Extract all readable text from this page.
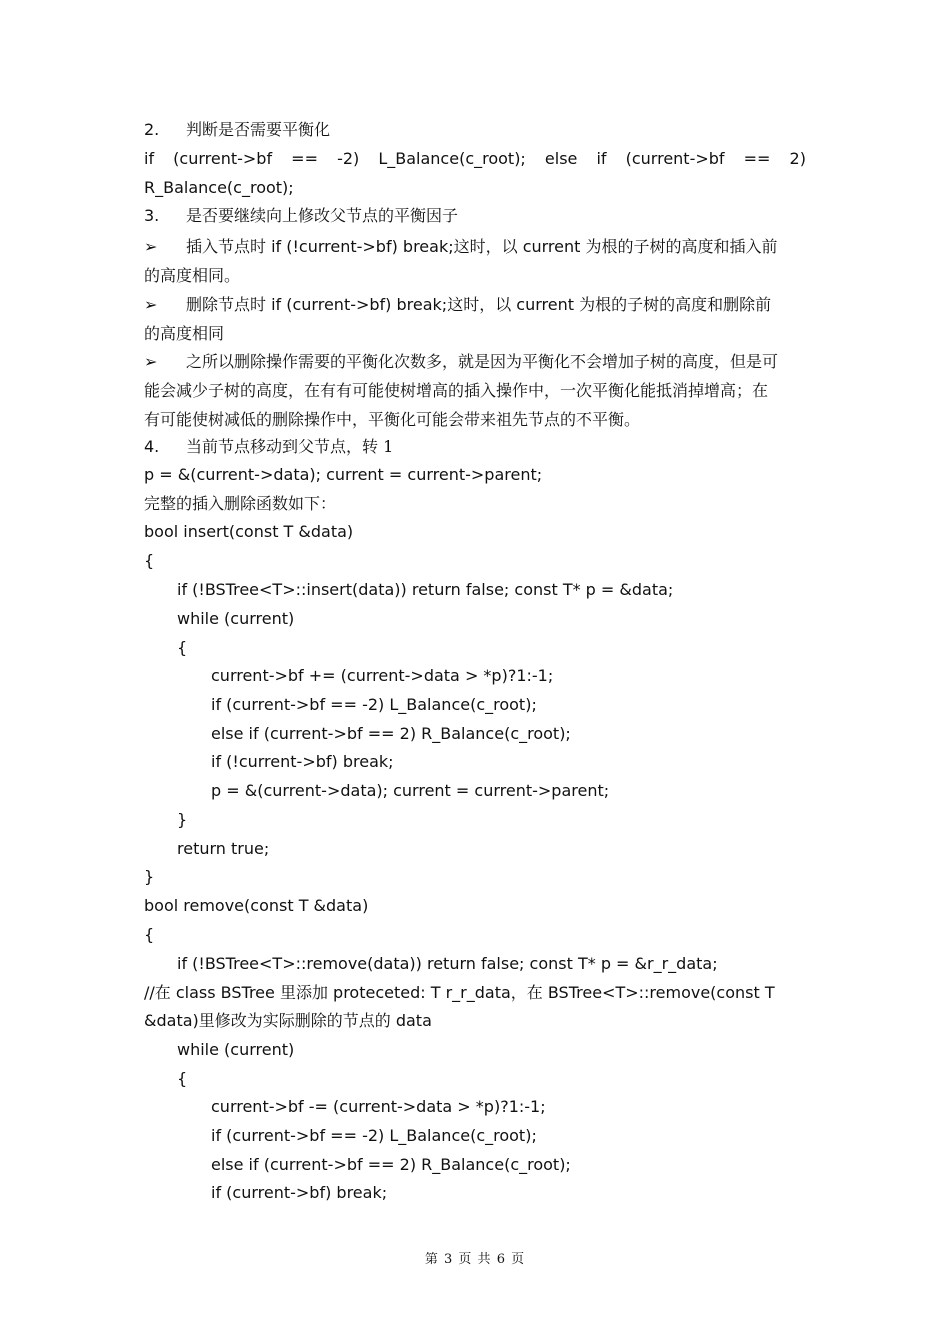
2. 判断是否需要平衡化
if (current->bf == -2) L_Balance(c_root); else if (current->bf == 2)
R_Balance(c_root);
3. 是否要继续向上修改父节点的平衡因子
➢ 插入节点时 if (!current->bf) break;这时，以 current 为根的子树的高度和插入前
的高度相同。
➢ 删除节点时 if (current->bf) break;这时，以 current 为根的子树的高度和删除前
的高度相同
➢ 之所以删除操作需要的平衡化次数多，就是因为平衡化不会增加子树的高度，但是可
能会减少子树的高度，在有有可能使树增高的插入操作中，一次平衡化能抵消掉增高；在
有可能使树减低的删除操作中，平衡化可能会带来祖先节点的不平衡。
4. 当前节点移动到父节点，转 1
p = &(current->data); current = current->parent;
完整的插入删除函数如下：
bool insert(const T &data)
{
if (!BSTree<T>::insert(data)) return false; const T* p = &data;
while (current)
{
current->bf += (current->data > *p)?1:-1;
if (current->bf == -2) L_Balance(c_root);
else if (current->bf == 2) R_Balance(c_root);
if (!current->bf) break;
p = &(current->data); current = current->parent;
}
return true;
}
bool remove(const T &data)
{
if (!BSTree<T>::remove(data)) return false; const T* p = &r_r_data;
//在 class BSTree 里添加 proteceted: T r_r_data，在 BSTree<T>::remove(const T
&data)里修改为实际删除的节点的 data
while (current)
{
current->bf -= (current->data > *p)?1:-1;
if (current->bf == -2) L_Balance(c_root);
else if (current->bf == 2) R_Balance(c_root);
if (current->bf) break;
第 3 页 共 6 页
